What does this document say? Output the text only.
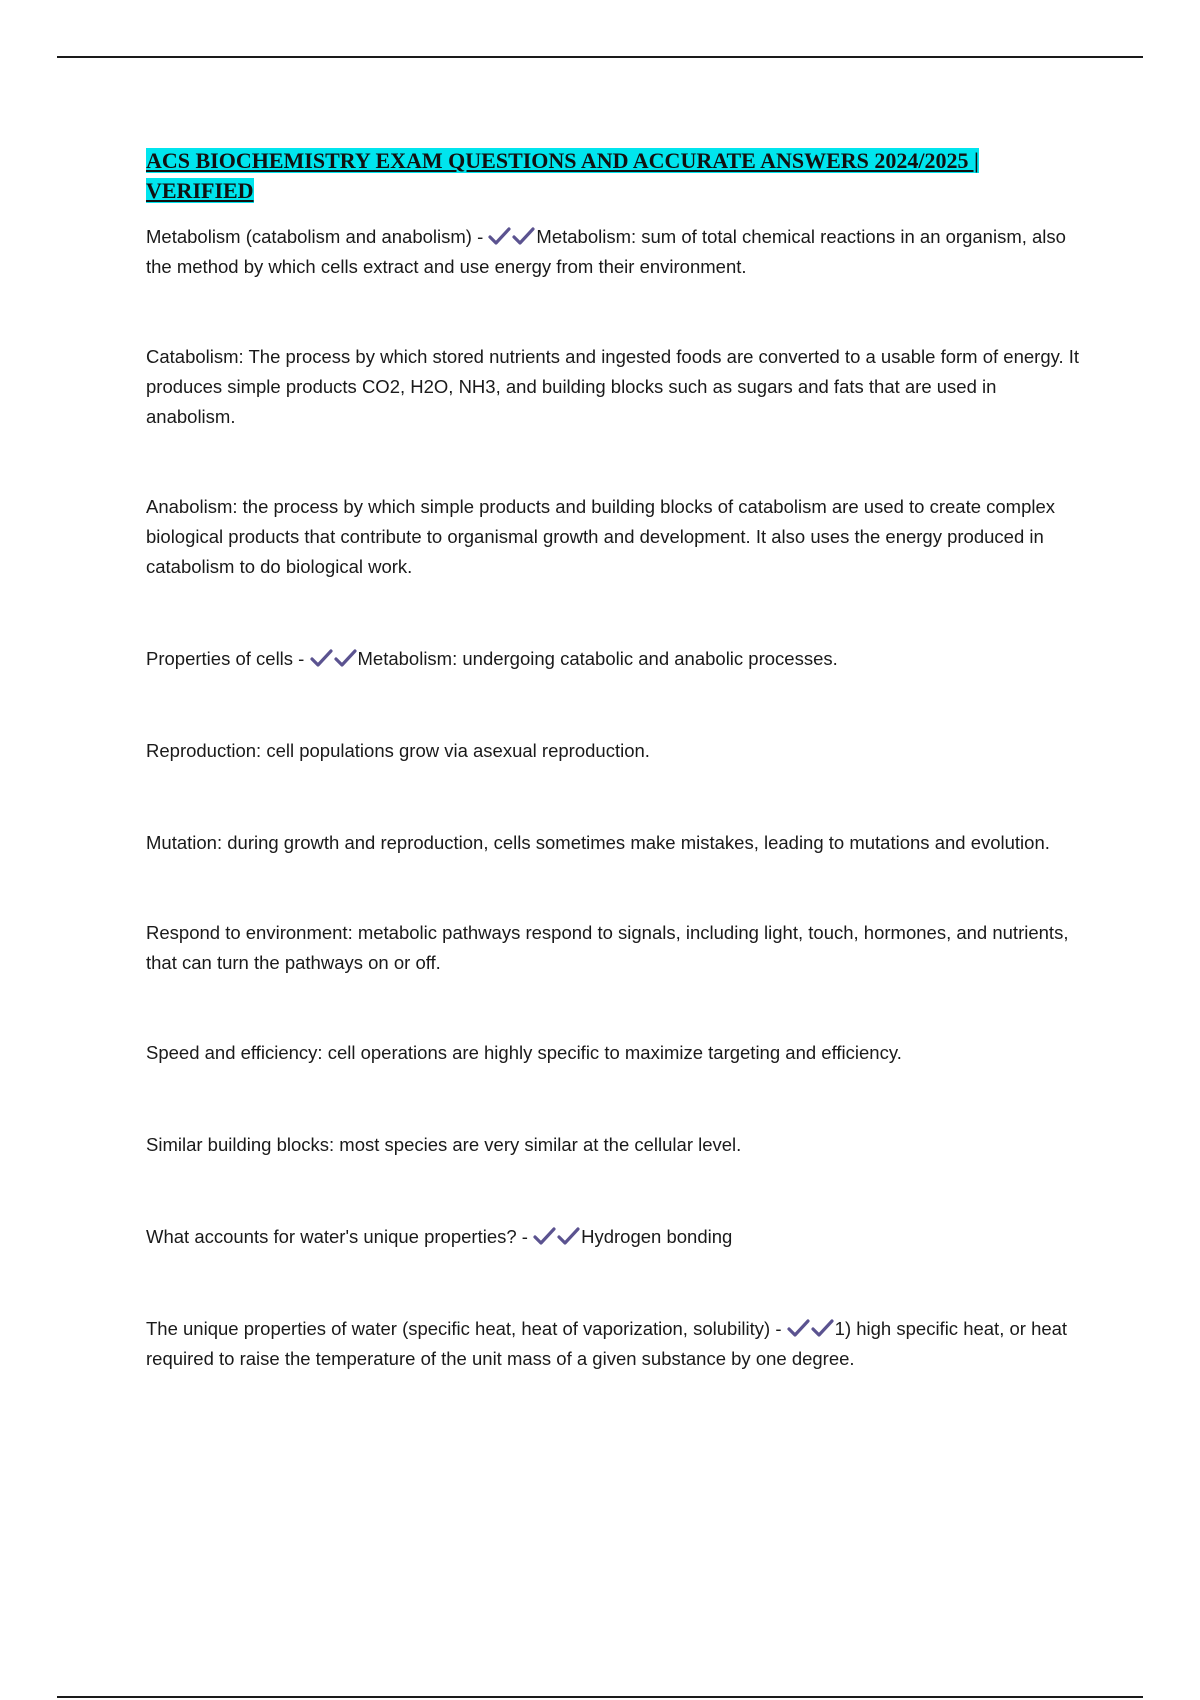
ACS BIOCHEMISTRY EXAM QUESTIONS AND ACCURATE ANSWERS 2024/2025 | VERIFIED

Metabolism (catabolism and anabolism) -	Metabolism: sum of total chemical reactions in an organism, also the method by which cells extract and use energy from their environment.

Catabolism: The process by which stored nutrients and ingested foods are converted to a usable form of energy. It produces simple products CO2, H2O, NH3, and building blocks such as sugars and fats that are used in anabolism.

Anabolism: the process by which simple products and building blocks of catabolism are used to create complex biological products that contribute to organismal growth and development. It also uses the energy produced in catabolism to do biological work.

Properties of cells -	Metabolism: undergoing catabolic and anabolic processes.

Reproduction: cell populations grow via asexual reproduction.

Mutation: during growth and reproduction, cells sometimes make mistakes, leading to mutations and evolution.

Respond to environment: metabolic pathways respond to signals, including light, touch, hormones, and nutrients, that can turn the pathways on or off.

Speed and efficiency: cell operations are highly specific to maximize targeting and efficiency.

Similar building blocks: most species are very similar at the cellular level.

What accounts for water's unique properties? -	Hydrogen bonding

The unique properties of water (specific heat, heat of vaporization, solubility) -	1) high specific heat, or heat required to raise the temperature of the unit mass of a given substance by one degree.
